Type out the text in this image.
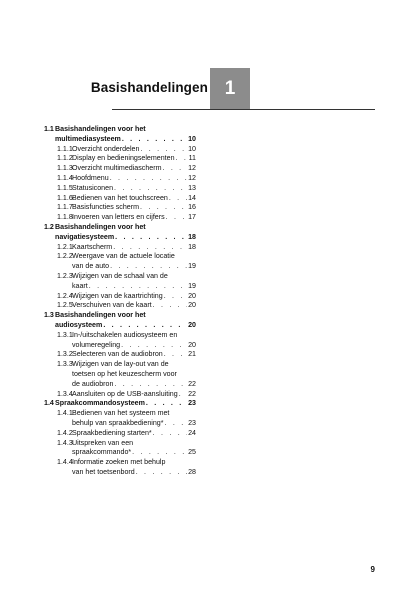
Basishandelingen 1
1.1 Basishandelingen voor het
multimediasysteem . . .	10
1.1.1 Overzicht onderdelen . . .	10
1.1.2 Display en bedieningselementen . . . 11
1.1.3 Overzicht multimediascherm . . .	12
1.1.4 Hoofdmenu . . .	12
1.1.5 Statusiconen . . .	13
1.1.6 Bedienen van het touchscreen . . .	14
1.1.7 Basisfuncties scherm . . .	16
1.1.8 Invoeren van letters en cijfers . . .	17
1.2 Basishandelingen voor het
navigatiesysteem . . .	18
1.2.1 Kaartscherm . . .	18
1.2.2 Weergave van de actuele locatie
van de auto . . .	19
1.2.3 Wijzigen van de schaal van de
kaart . . .	19
1.2.4 Wijzigen van de kaartrichting . . .	20
1.2.5 Verschuiven van de kaart . . .	20
1.3 Basishandelingen voor het
audiosysteem . . .	20
1.3.1 In-/uitschakelen audiosysteem en
volumeregeling . . .	20
1.3.2 Selecteren van de audiobron . . .	21
1.3.3 Wijzigen van de lay-out van de
toetsen op het keuzescherm voor
de audiobron . . .	22
1.3.4 Aansluiten op de USB-aansluiting . . . 22
1.4 Spraakcommandosysteem . . .	23
1.4.1 Bedienen van het systeem met
behulp van spraakbediening* . . .	23
1.4.2 Spraakbediening starten* . . .	24
1.4.3 Uitspreken van een
spraakcommando* . . .	25
1.4.4 Informatie zoeken met behulp
van het toetsenbord . . .	28
9
